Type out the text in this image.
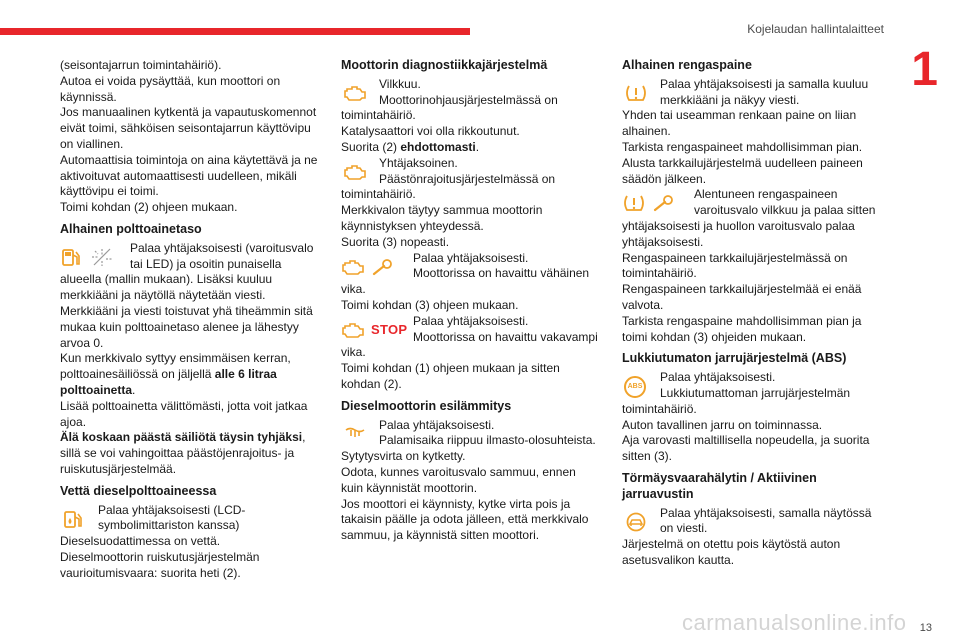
Kojelaudan hallintalaitteet
1

(seisontajarrun toimintahäiriö).
Autoa ei voida pysäyttää, kun moottori on käynnissä.
Jos manuaalinen kytkentä ja vapautuskomennot eivät toimi, sähköisen seisontajarrun käyttövipu on viallinen.
Automaattisia toimintoja on aina käytettävä ja ne aktivoituvat automaattisesti uudelleen, mikäli käyttövipu ei toimi.
Toimi kohdan (2) ohjeen mukaan.

Alhainen polttoainetaso

Palaa yhtäjaksoisesti (varoitusvalo tai LED) ja osoitin punaisella

alueella (mallin mukaan). Lisäksi kuuluu merkkiääni ja näytöllä näytetään viesti.
Merkkiääni ja viesti toistuvat yhä tiheämmin sitä mukaa kuin polttoainetaso alenee ja lähestyy arvoa 0.
Kun merkkivalo syttyy ensimmäisen kerran, polttoainesäiliössä on jäljellä alle 6 litraa polttoainetta.
Lisää polttoainetta välittömästi, jotta voit jatkaa ajoa.

Älä koskaan päästä säiliötä täysin tyhjäksi, sillä se voi vahingoittaa päästöjenrajoitus- ja ruiskutusjärjestelmää.

Vettä dieselpolttoaineessa

Palaa yhtäjaksoisesti (LCD-symbolimittariston kanssa)

Dieselsuodattimessa on vettä.
Dieselmoottorin ruiskutusjärjestelmän vaurioitumisvaara: suorita heti (2).

Moottorin diagnostiikkajärjestelmä

Vilkkuu.
Moottorinohjausjärjestelmässä on

toimintahäiriö.
Katalysaattori voi olla rikkoutunut.
Suorita (2) ehdottomasti.

Yhtäjaksoinen.
Päästönrajoitusjärjestelmässä on

toimintahäiriö.
Merkkivalon täytyy sammua moottorin käynnistyksen yhteydessä.
Suorita (3) nopeasti.

Palaa yhtäjaksoisesti.
Moottorissa on havaittu vähäinen

vika.
Toimi kohdan (3) ohjeen mukaan.

STOP

Palaa yhtäjaksoisesti.
Moottorissa on havaittu vakavampi

vika.
Toimi kohdan (1) ohjeen mukaan ja sitten kohdan (2).

Dieselmoottorin esilämmitys

Palaa yhtäjaksoisesti.
Palamisaika riippuu ilmasto-olosuhteista.

Sytytysvirta on kytketty.
Odota, kunnes varoitusvalo sammuu, ennen kuin käynnistät moottorin.
Jos moottori ei käynnisty, kytke virta pois ja takaisin päälle ja odota jälleen, että merkkivalo sammuu, ja käynnistä sitten moottori.

Alhainen rengaspaine

Palaa yhtäjaksoisesti ja samalla kuuluu merkkiääni ja näkyy viesti.

Yhden tai useamman renkaan paine on liian alhainen.
Tarkista rengaspaineet mahdollisimman pian.
Alusta tarkkailujärjestelmä uudelleen paineen säädön jälkeen.

Alentuneen rengaspaineen varoitusvalo vilkkuu ja palaa sitten

yhtäjaksoisesti ja huollon varoitusvalo palaa yhtäjaksoisesti.
Rengaspaineen tarkkailujärjestelmässä on toimintahäiriö.
Rengaspaineen tarkkailujärjestelmää ei enää valvota.
Tarkista rengaspaine mahdollisimman pian ja toimi kohdan (3) ohjeiden mukaan.

Lukkiutumaton jarrujärjestelmä (ABS)
ABS

Palaa yhtäjaksoisesti.
Lukkiutumattoman jarrujärjestelmän

toimintahäiriö.
Auton tavallinen jarru on toiminnassa.
Aja varovasti maltillisella nopeudella, ja suorita sitten (3).

Törmäysvaarahälytin / Aktiivinen jarruavustin

Palaa yhtäjaksoisesti, samalla näytössä on viesti.

Järjestelmä on otettu pois käytöstä auton asetusvalikon kautta.

carmanualsonline.info 13
